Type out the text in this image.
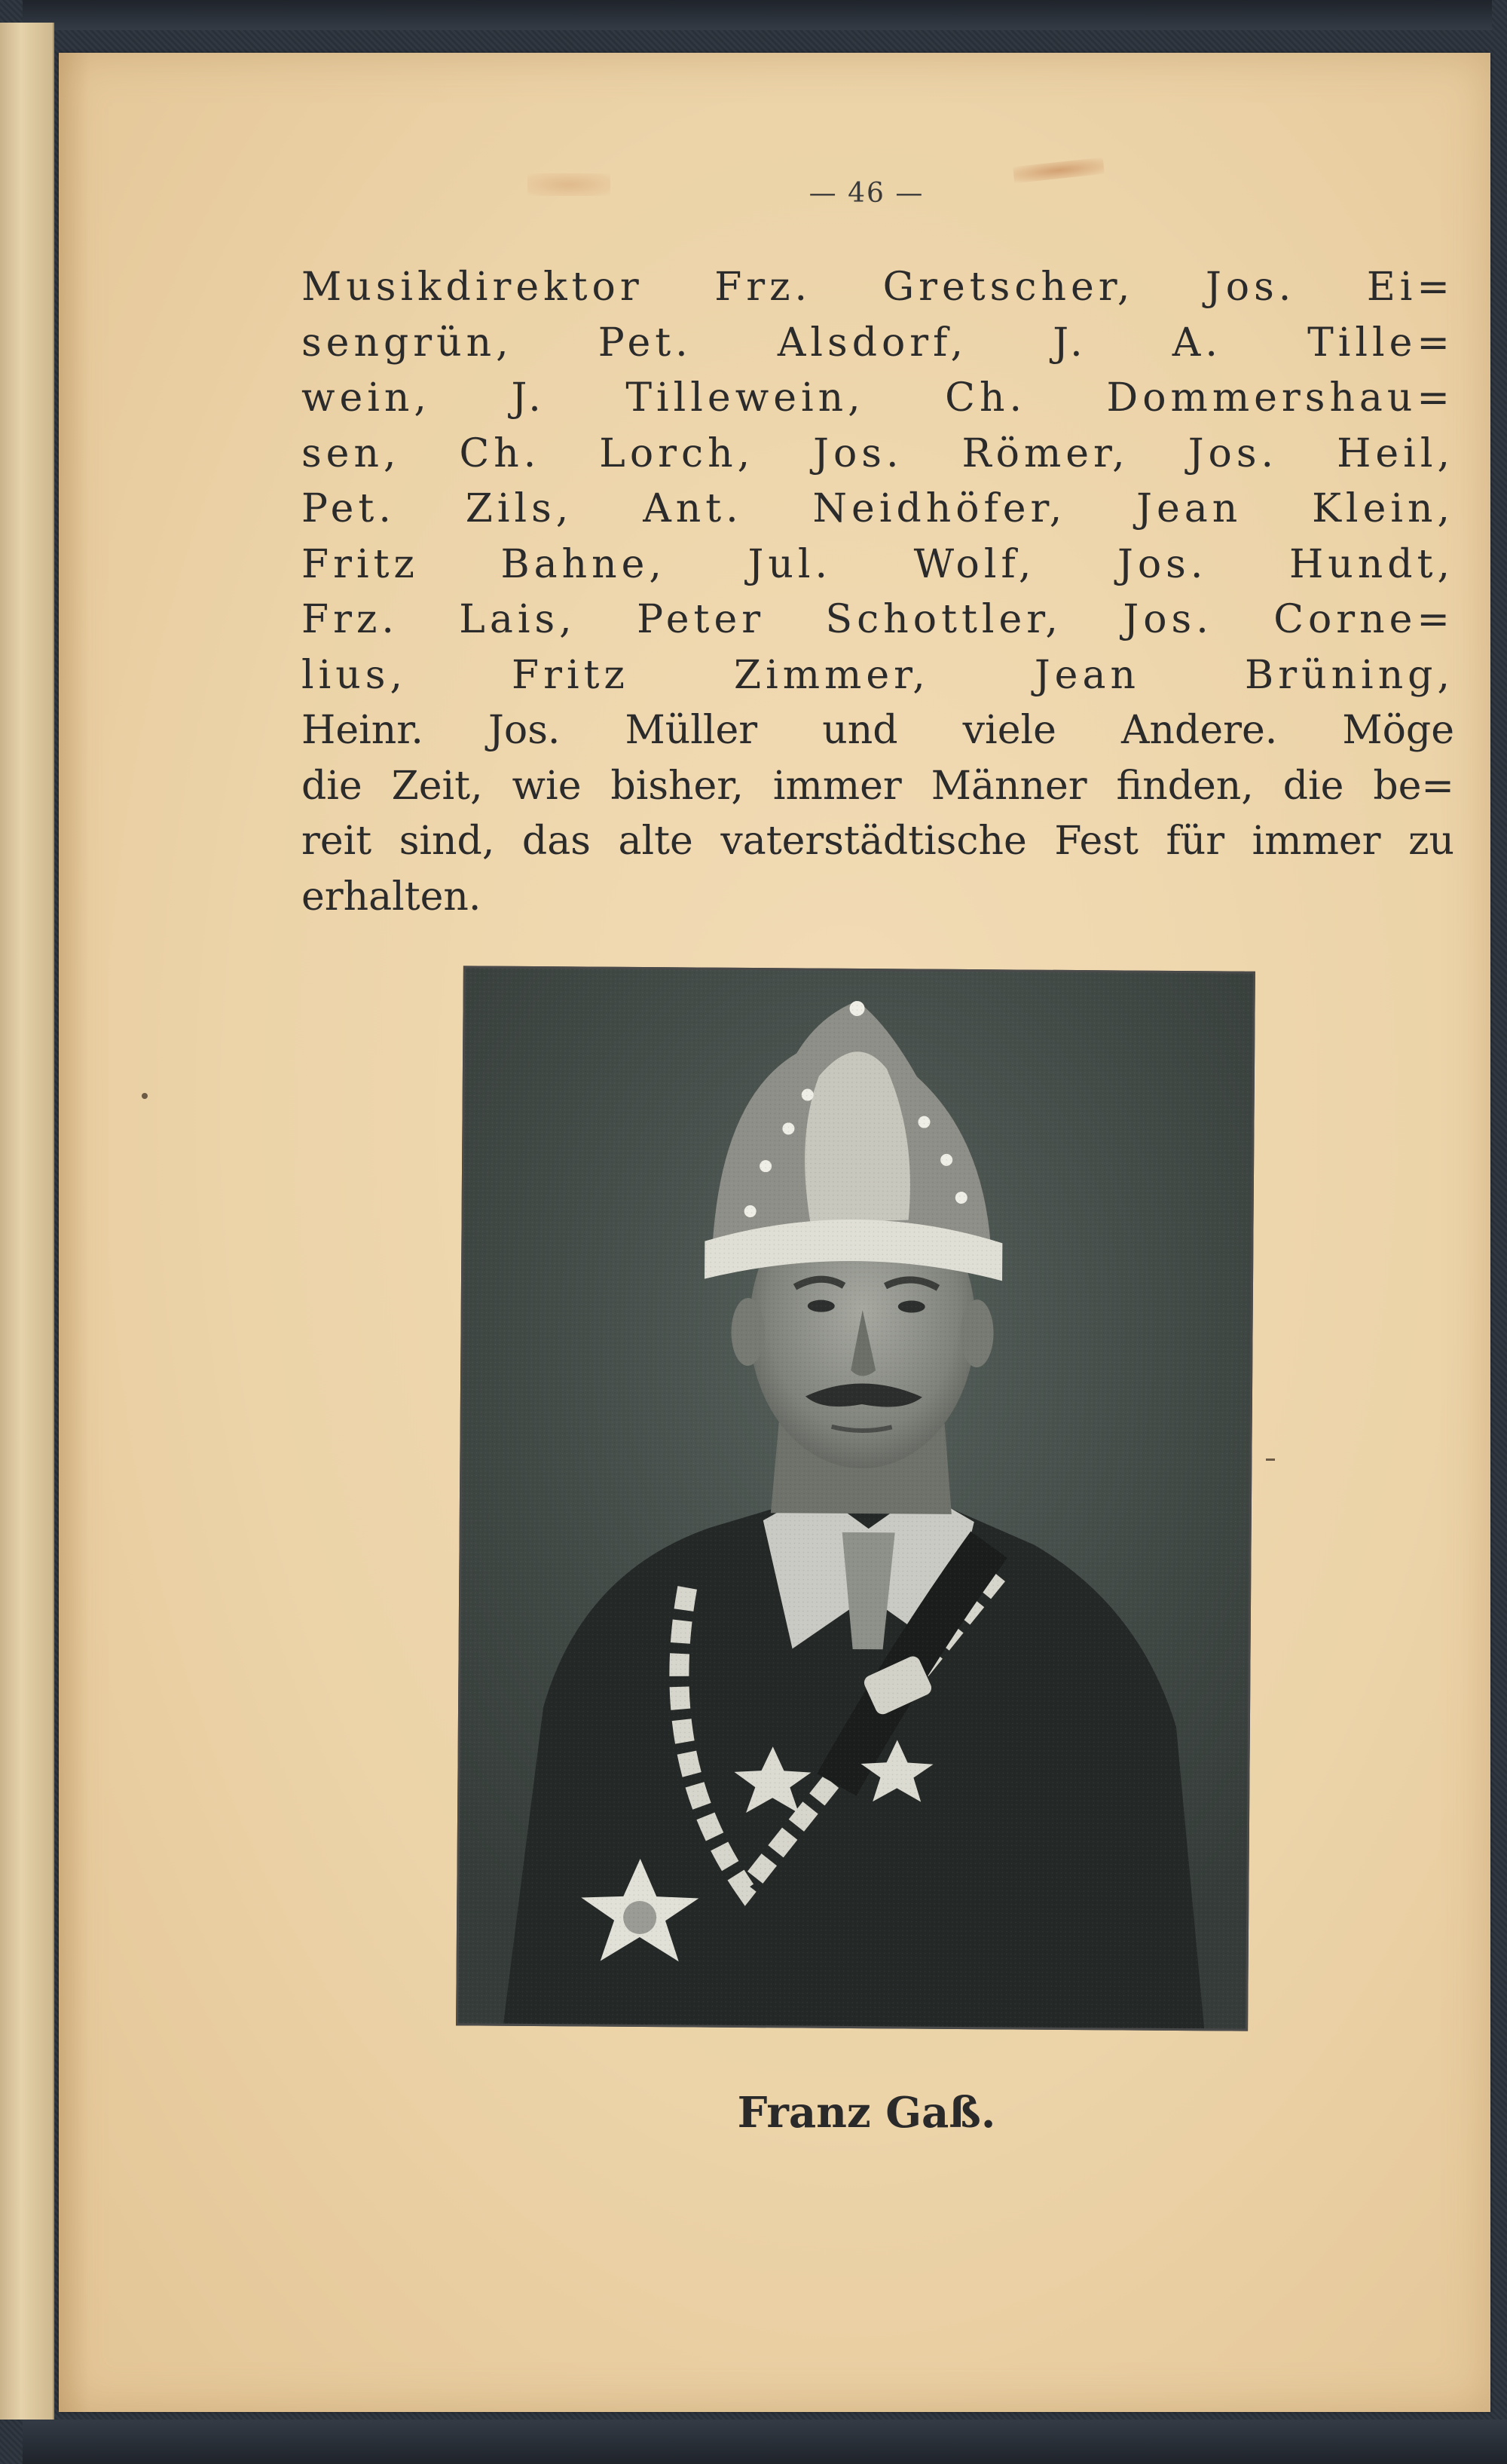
— 46 —
Musikdirektor Frz. Gretscher, Jos. Ei=
sengrün, Pet. Alsdorf, J. A. Tille=
wein, J. Tillewein, Ch. Dommershau=
sen, Ch. Lorch, Jos. Römer, Jos. Heil,
Pet. Zils, Ant. Neidhöfer, Jean Klein,
Fritz Bahne, Jul. Wolf, Jos. Hundt,
Frz. Lais, Peter Schottler, Jos. Corne=
lius, Fritz Zimmer, Jean Brüning,
Heinr. Jos. Müller und viele Andere. Möge
die Zeit, wie bisher, immer Männer finden, die be=
reit sind, das alte vaterstädtische Fest für immer zu
erhalten.
Franz Gaß.
